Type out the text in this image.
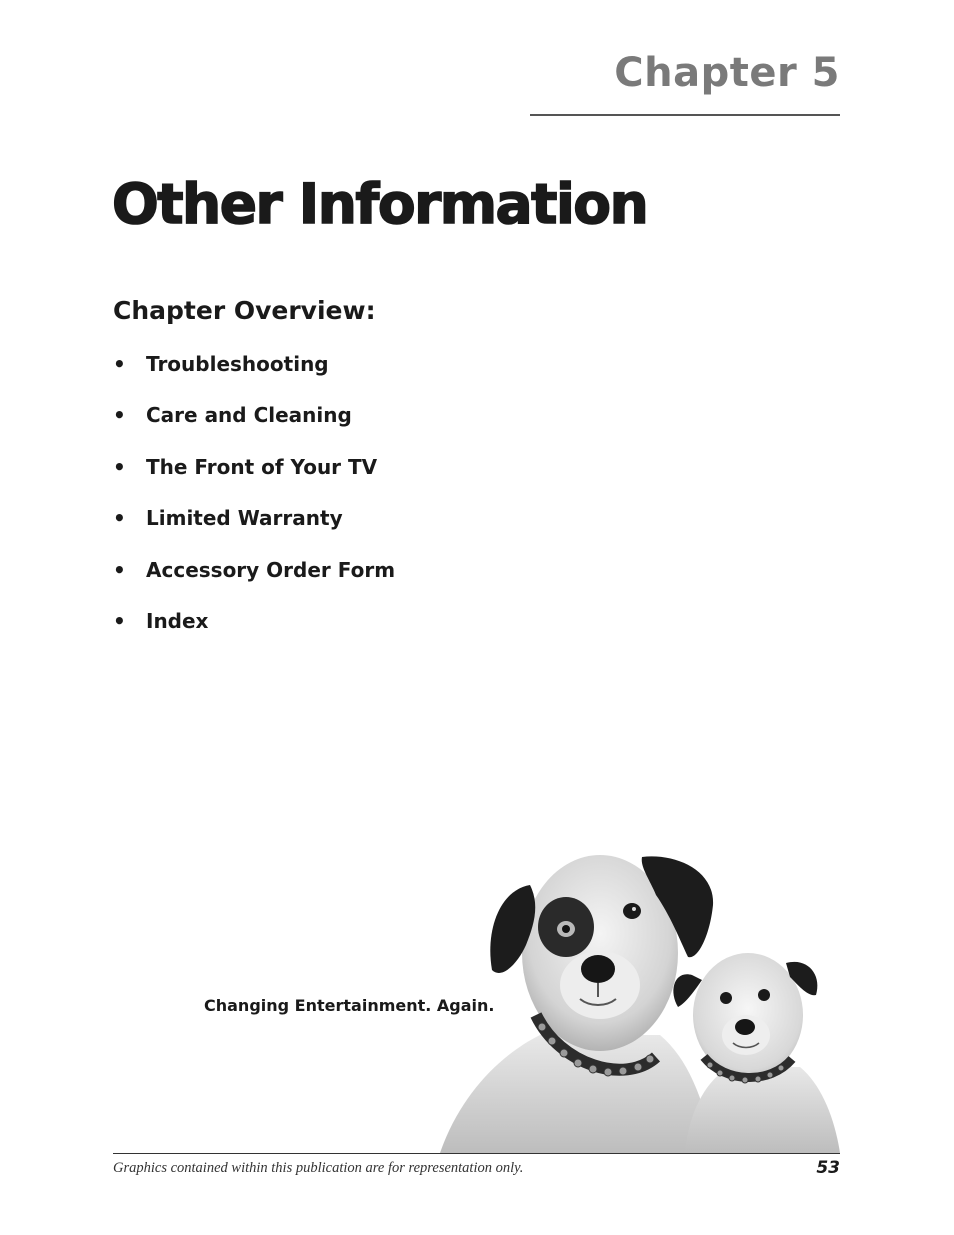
Chapter 5
Other Information
Chapter Overview:
•	Troubleshooting
•	Care and Cleaning
•	The Front of Your TV
•	Limited Warranty
•	Accessory Order Form
•	Index
Changing Entertainment. Again.
Graphics contained within this publication are for representation only.	53
